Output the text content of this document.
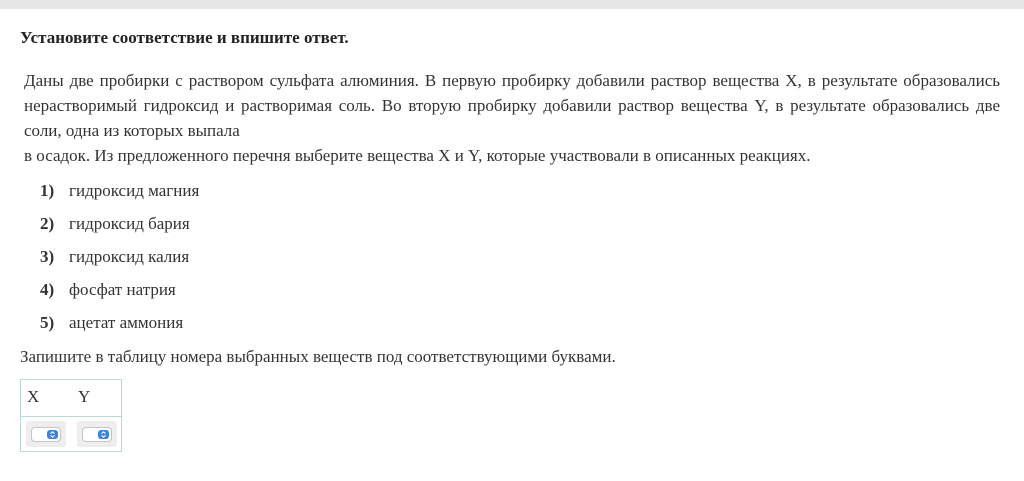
Установите соответствие и впишите ответ.

Даны две пробирки с раствором сульфата алюминия. В первую пробирку добавили раствор вещества X, в результате образовались нерастворимый гидроксид и растворимая соль. Во вторую пробирку добавили раствор вещества Y, в результате образовались две соли, одна из которых выпала

в осадок. Из предложенного перечня выберите вещества X и Y, которые участвовали в описанных реакциях.

1) гидроксид магния
2) гидроксид бария
3) гидроксид калия
4) фосфат натрия
5) ацетат аммония

Запишите в таблицу номера выбранных веществ под соответствующими буквами.

X Y
